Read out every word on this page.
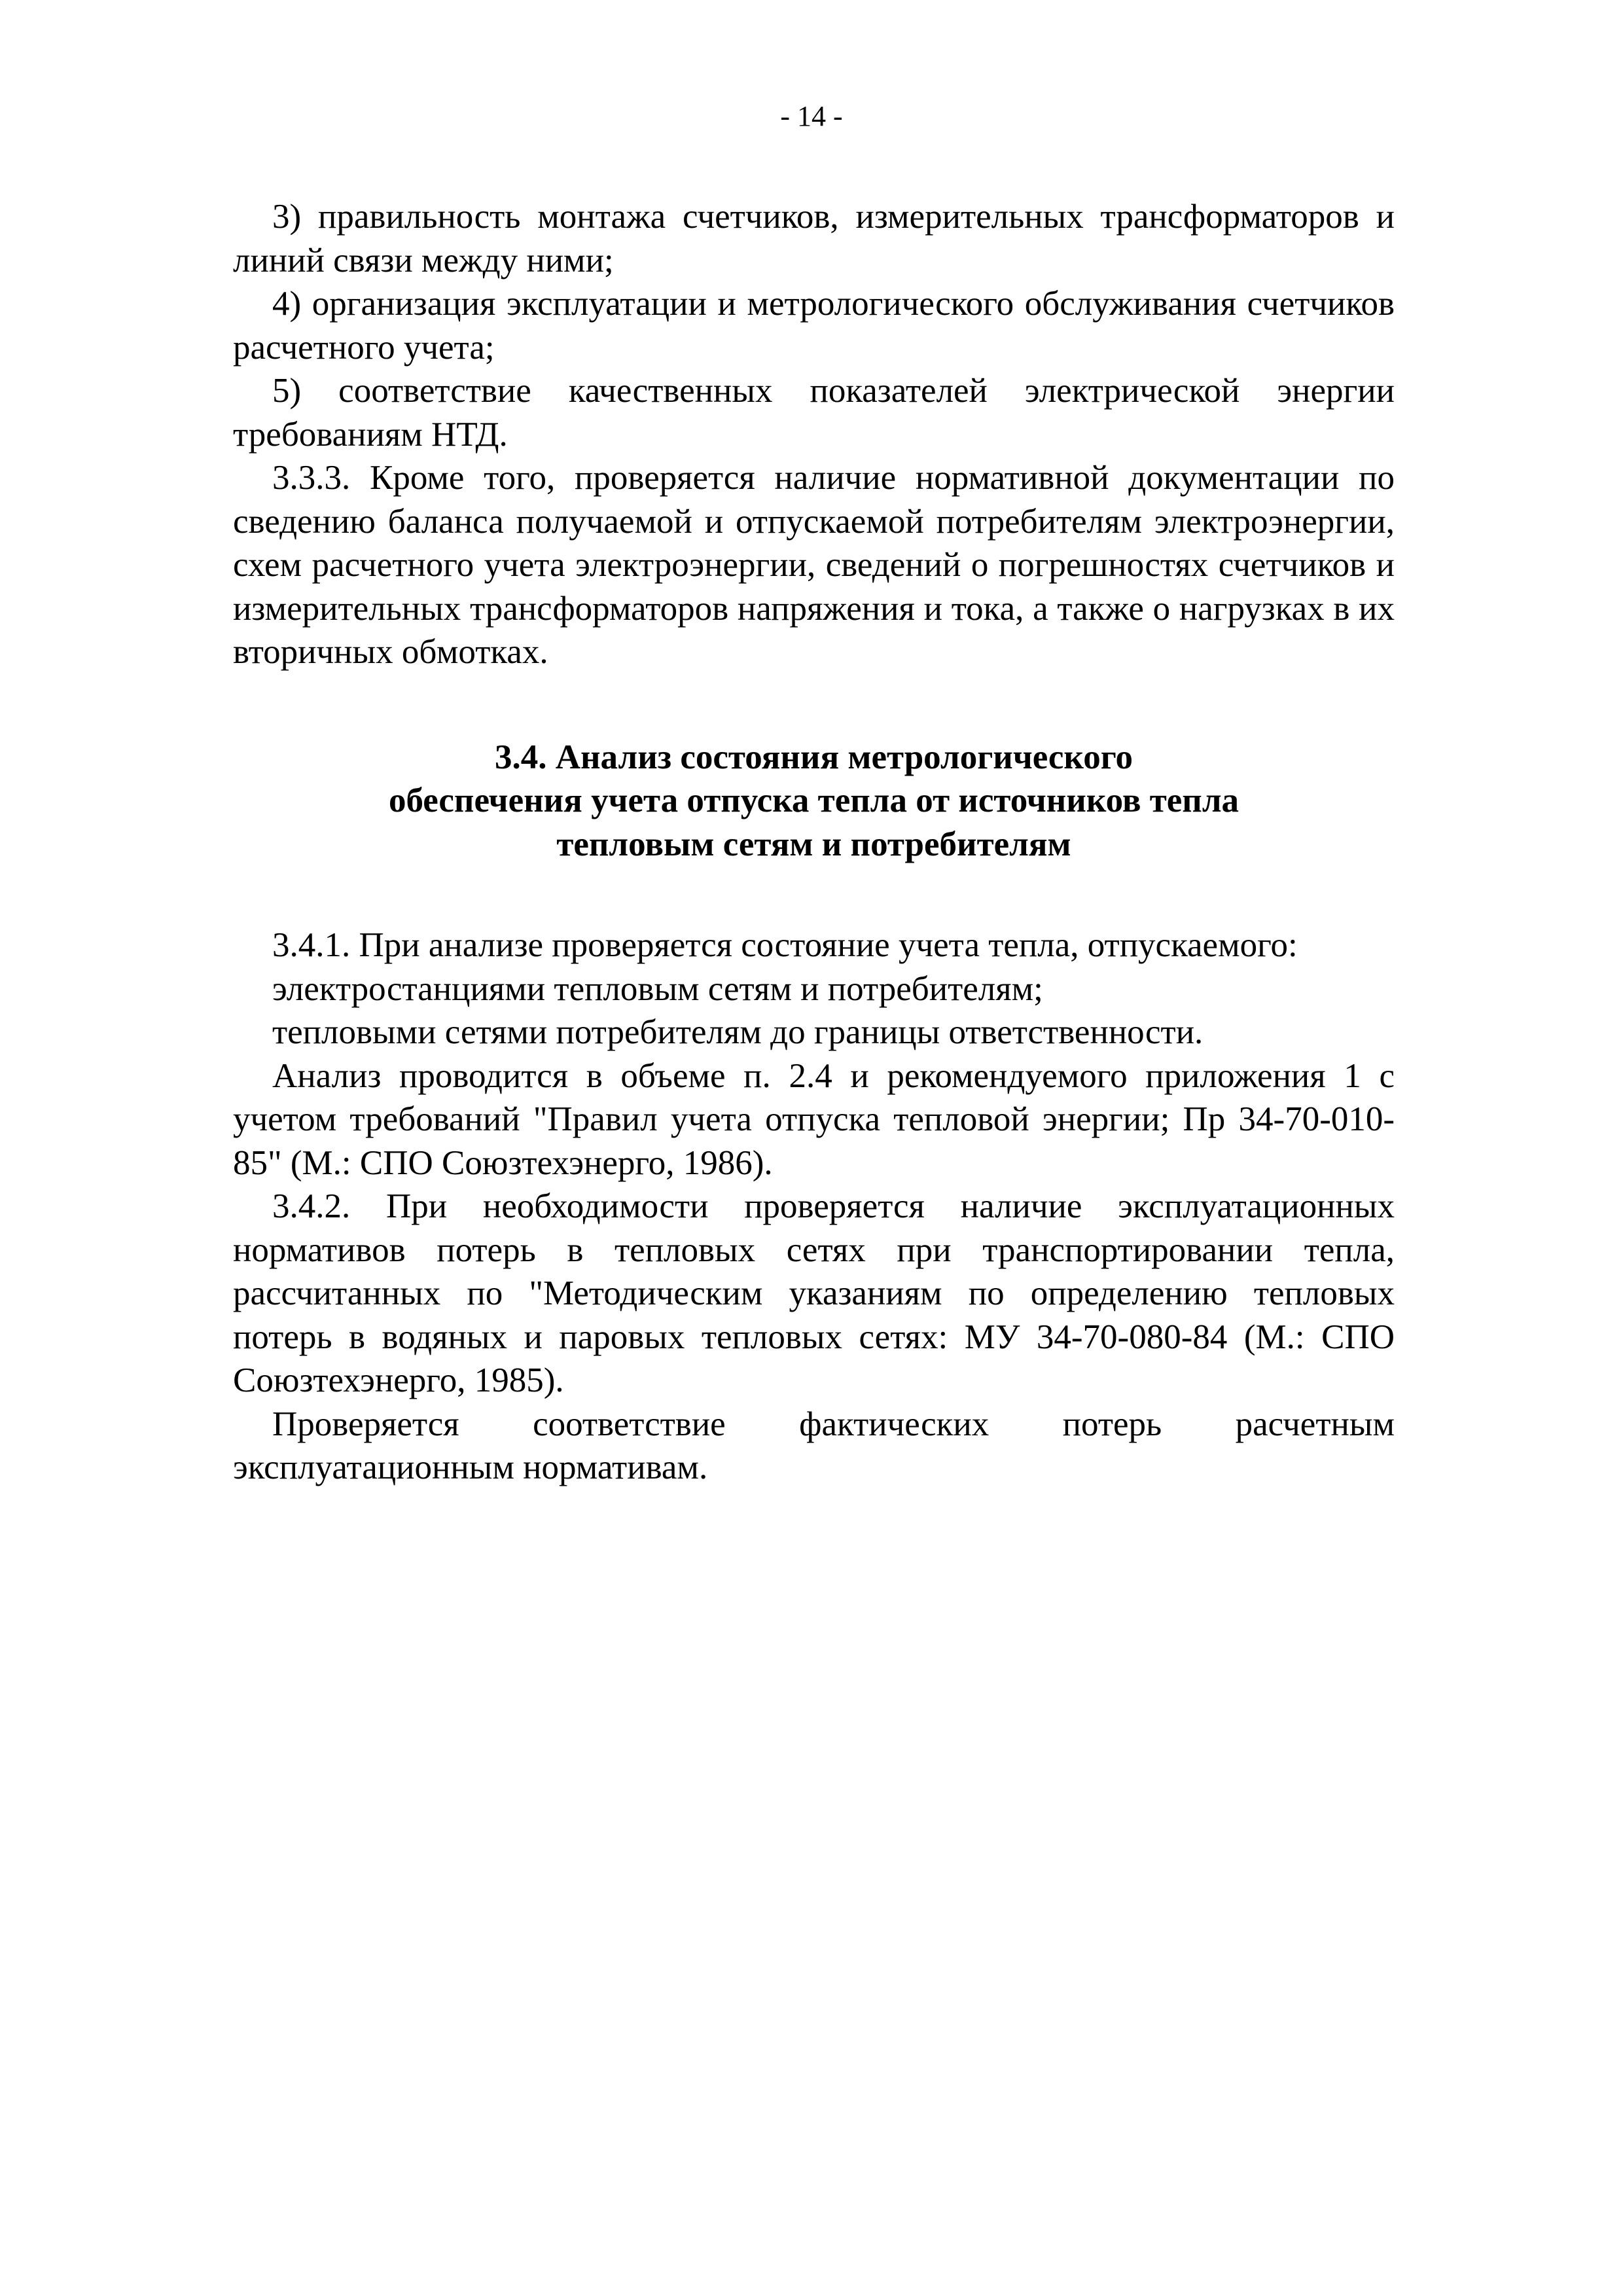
- 14 -

3) правильность монтажа счетчиков, измерительных трансформаторов и линий связи между ними;

4) организация эксплуатации и метрологического обслуживания счетчиков расчетного учета;

5) соответствие качественных показателей электрической энергии требованиям НТД.

3.3.3. Кроме того, проверяется наличие нормативной документации по сведению баланса получаемой и отпускаемой потребителям электроэнергии, схем расчетного учета электроэнергии, сведений о погрешностях счетчиков и измерительных трансформаторов напряжения и тока, а также о нагрузках в их вторичных обмотках.

3.4. Анализ состояния метрологического
обеспечения учета отпуска тепла от источников тепла
тепловым сетям и потребителям

3.4.1. При анализе проверяется состояние учета тепла, отпускаемого:

электростанциями тепловым сетям и потребителям;

тепловыми сетями потребителям до границы ответственности.

Анализ проводится в объеме п. 2.4 и рекомендуемого приложения 1 с учетом требований "Правил учета отпуска тепловой энергии; Пр 34-70-010-85" (М.: СПО Союзтехэнерго, 1986).

3.4.2. При необходимости проверяется наличие эксплуатационных нормативов потерь в тепловых сетях при транспортировании тепла, рассчитанных по "Методическим указаниям по определению тепловых потерь в водяных и паровых тепловых сетях: МУ 34-70-080-84 (М.: СПО Союзтехэнерго, 1985).

Проверяется соответствие фактических потерь расчетным эксплуатационным нормативам.
